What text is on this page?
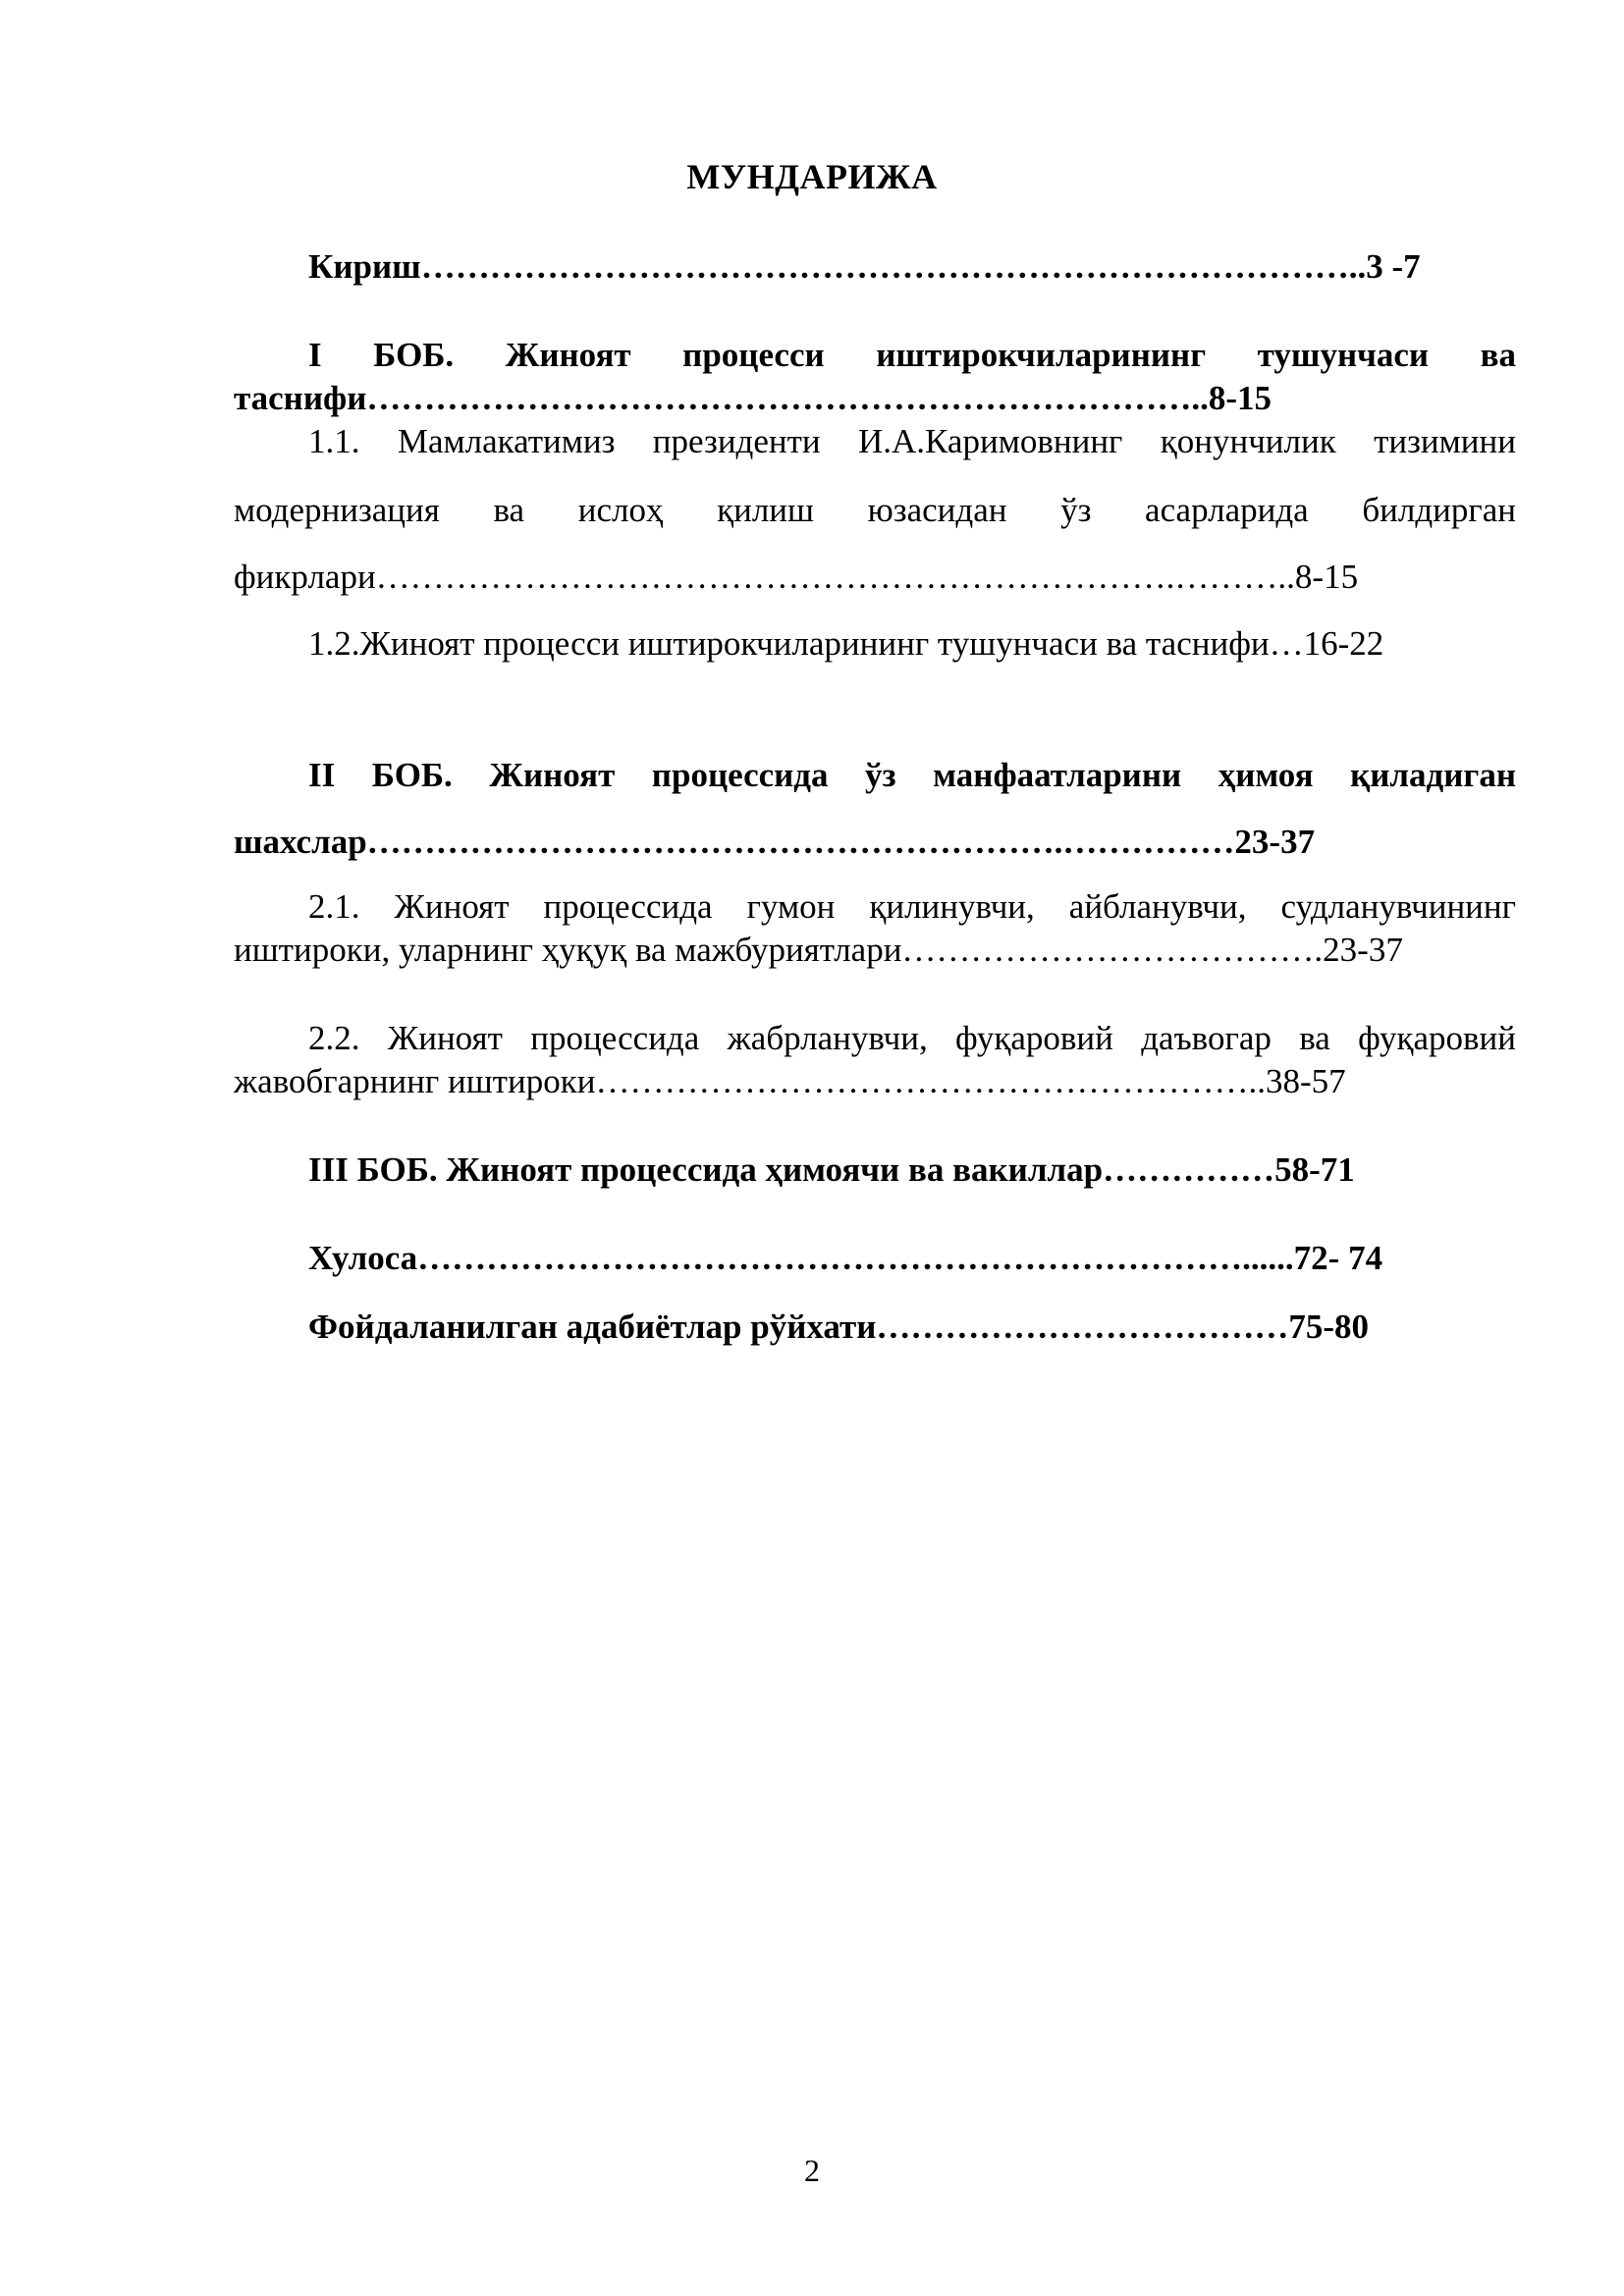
МУНДАРИЖА
Кириш………………………………………………………………………..3 -7
I БОБ. Жиноят процесси иштирокчиларининг тушунчаси ва
таснифи………………………………………………………………..8-15
1.1. Мамлакатимиз президенти И.А.Каримовнинг қонунчилик тизимини
модернизация ва ислоҳ қилиш юзасидан ўз асарларида билдирган
фикрлари…………………………………………………………….………..8-15
1.2.Жиноят процесси иштирокчиларининг тушунчаси ва таснифи…16-22
II БОБ. Жиноят процессида ўз манфаатларини ҳимоя қиладиган
шахслар…………………………………………………….……………23-37
2.1. Жиноят процессида гумон қилинувчи, айбланувчи, судланувчининг
иштироки, уларнинг ҳуқуқ ва мажбуриятлари……………………………….23-37
2.2. Жиноят процессида жабрланувчи, фуқаровий даъвогар ва фуқаровий
жавобгарнинг иштироки…………………………………………………..38-57
III БОБ. Жиноят процессида ҳимоячи ва вакиллар……………58-71
Хулоса………………………………………………………………......72- 74
Фойдаланилган адабиётлар рўйхати………………………………75-80
2
